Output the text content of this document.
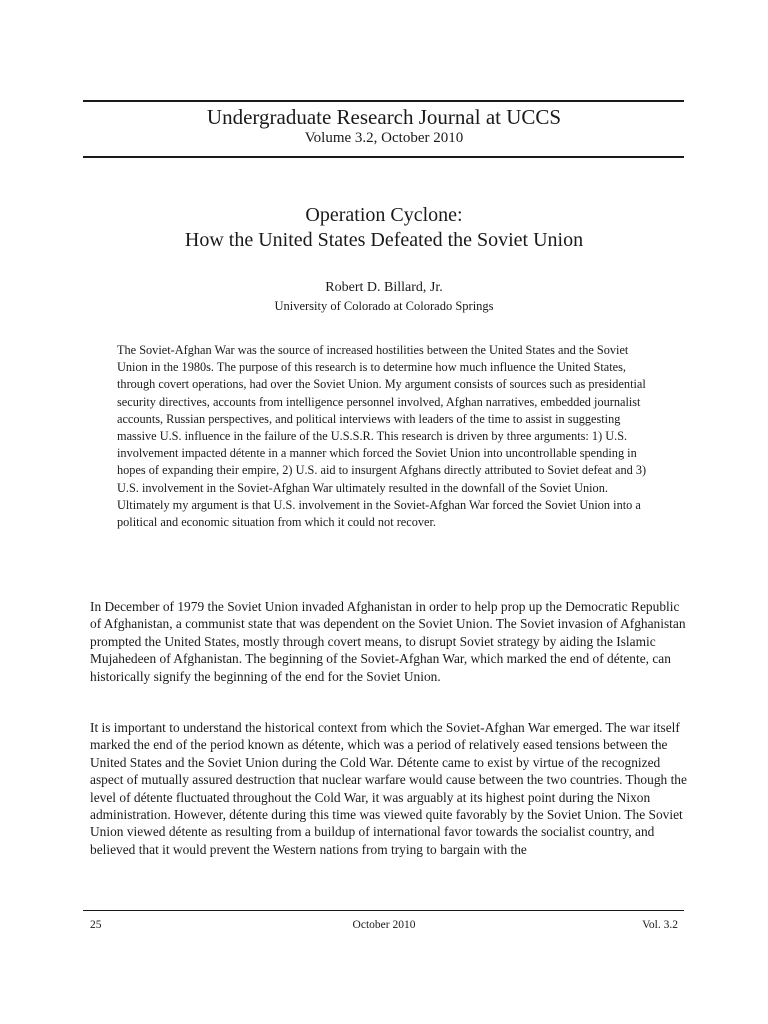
Undergraduate Research Journal at UCCS
Volume 3.2, October 2010
Operation Cyclone:
How the United States Defeated the Soviet Union
Robert D. Billard, Jr.
University of Colorado at Colorado Springs

The Soviet-Afghan War was the source of increased hostilities between the United States and the Soviet Union in the 1980s. The purpose of this research is to determine how much influence the United States, through covert operations, had over the Soviet Union. My argument consists of sources such as presidential security directives, accounts from intelligence personnel involved, Afghan narratives, embedded journalist accounts, Russian perspectives, and political interviews with leaders of the time to assist in suggesting massive U.S. influence in the failure of the U.S.S.R. This research is driven by three arguments: 1) U.S. involvement impacted détente in a manner which forced the Soviet Union into uncontrollable spending in hopes of expanding their empire, 2) U.S. aid to insurgent Afghans directly attributed to Soviet defeat and 3) U.S. involvement in the Soviet-Afghan War ultimately resulted in the downfall of the Soviet Union. Ultimately my argument is that U.S. involvement in the Soviet-Afghan War forced the Soviet Union into a political and economic situation from which it could not recover.

In December of 1979 the Soviet Union invaded Afghanistan in order to help prop up the Democratic Republic of Afghanistan, a communist state that was dependent on the Soviet Union. The Soviet invasion of Afghanistan prompted the United States, mostly through covert means, to disrupt Soviet strategy by aiding the Islamic Mujahedeen of Afghanistan. The beginning of the Soviet-Afghan War, which marked the end of détente, can historically signify the beginning of the end for the Soviet Union.

It is important to understand the historical context from which the Soviet-Afghan War emerged. The war itself marked the end of the period known as détente, which was a period of relatively eased tensions between the United States and the Soviet Union during the Cold War. Détente came to exist by virtue of the recognized aspect of mutually assured destruction that nuclear warfare would cause between the two countries. Though the level of détente fluctuated throughout the Cold War, it was arguably at its highest point during the Nixon administration. However, détente during this time was viewed quite favorably by the Soviet Union. The Soviet Union viewed détente as resulting from a buildup of international favor towards the socialist country, and believed that it would prevent the Western nations from trying to bargain with the

25	October 2010	Vol. 3.2
